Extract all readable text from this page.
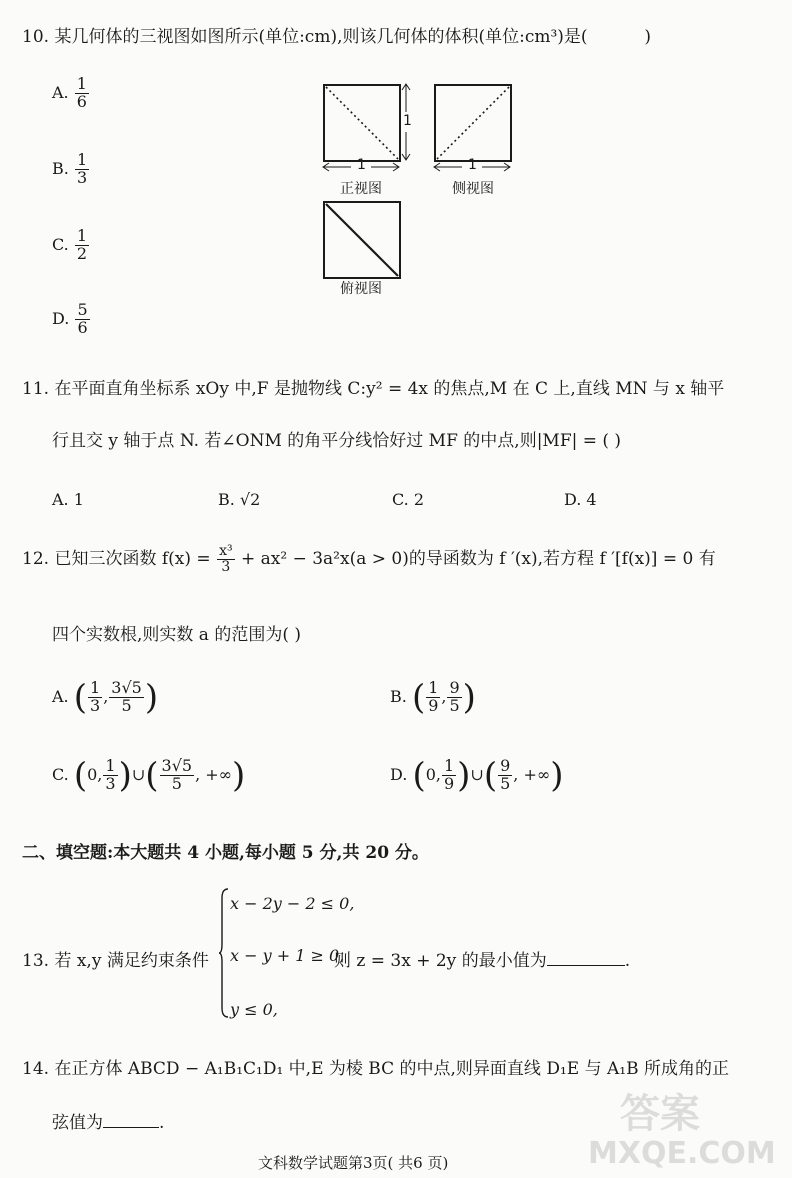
10. 某几何体的三视图如图所示(单位:cm),则该几何体的体积(单位:cm³)是(	)
A. $\frac{1}{6}$
B. $\frac{1}{3}$
C. $\frac{1}{2}$
D. $\frac{5}{6}$
1
1
正视图
1
侧视图
俯视图
11. 在平面直角坐标系 xOy 中,F 是抛物线 C:y² = 4x 的焦点,M 在 C 上,直线 MN 与 x 轴平
行且交 y 轴于点 N. 若∠ONM 的角平分线恰好过 MF 的中点,则|MF| = ( )
A. 1	B. √2	C. 2	D. 4
12. 已知三次函数 $f(x) = \frac{\text{x³}}{3} + ax^2 - 3a^2x(a > 0)$的导函数为 f ′(x),若方程 f ′[f(x)] = 0 有
四个实数根,则实数 a 的范围为( )
A. ( $\frac{1}{3}$ , $\frac{3√5}{5}$ )	B. ( $\frac{1}{9}$ , $\frac{9}{5}$ )
C. (0, $\frac{1}{3}$ )∪( $\frac{3√5}{5}$ , +∞)	D. (0, $\frac{1}{9}$ )∪( $\frac{9}{5}$ , +∞)
二、填空题:本大题共 4 小题,每小题 5 分,共 20 分。
x − 2y − 2 ≤ 0,
x − y + 1 ≥ 0,
y ≤ 0,
13. 若 x,y 满足约束条件	则 z = 3x + 2y 的最小值为	.
14. 在正方体 ABCD − A₁B₁C₁D₁ 中,E 为棱 BC 的中点,则异面直线 D₁E 与 A₁B 所成角的正
弦值为	.
文科数学试题第3页( 共6 页)
答案
MXQE.COM
